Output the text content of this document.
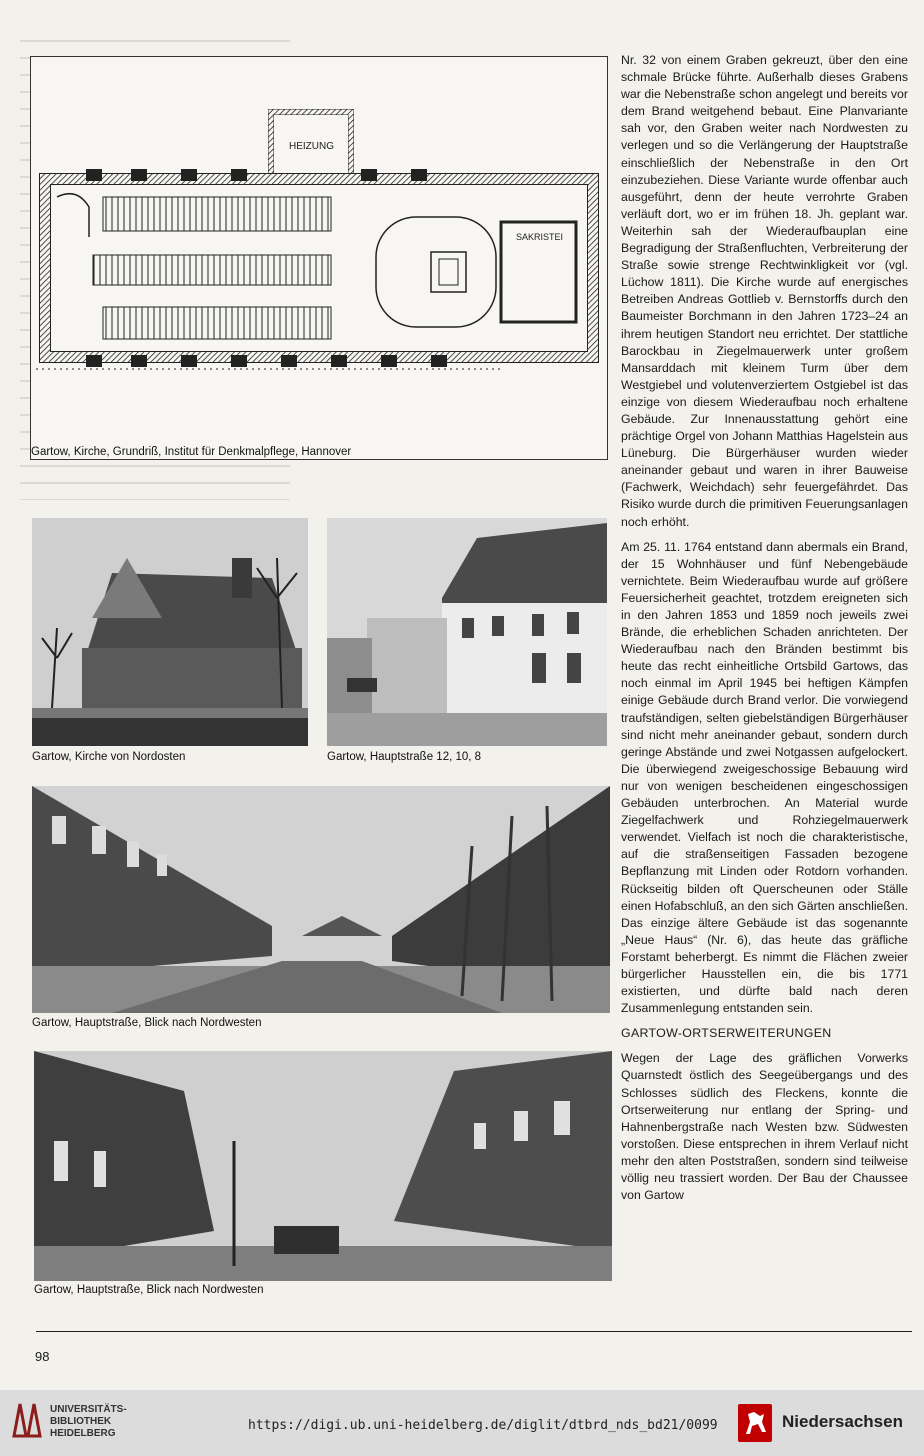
HEIZUNG
SAKRISTEI
Gartow, Kirche, Grundriß, Institut für Denkmalpflege, Hannover
Gartow, Kirche von Nordosten	Gartow, Hauptstraße 12, 10, 8
Gartow, Hauptstraße, Blick nach Nordwesten
Gartow, Hauptstraße, Blick nach Nordwesten

Nr. 32 von einem Graben gekreuzt, über den eine schmale Brücke führte. Außerhalb dieses Grabens war die Nebenstraße schon angelegt und bereits vor dem Brand weitgehend bebaut. Eine Planvariante sah vor, den Graben weiter nach Nordwesten zu verlegen und so die Verlängerung der Hauptstraße einschließlich der Nebenstraße in den Ort einzubeziehen. Diese Variante wurde offenbar auch ausgeführt, denn der heute verrohrte Graben verläuft dort, wo er im frühen 18. Jh. geplant war. Weiterhin sah der Wiederaufbauplan eine Begradigung der Straßenfluchten, Verbreiterung der Straße sowie strenge Rechtwinkligkeit vor (vgl. Lüchow 1811). Die Kirche wurde auf energisches Betreiben Andreas Gottlieb v. Bernstorffs durch den Baumeister Borchmann in den Jahren 1723–24 an ihrem heutigen Standort neu errichtet. Der stattliche Barockbau in Ziegelmauerwerk unter großem Mansarddach mit kleinem Turm über dem Westgiebel und volutenverziertem Ostgiebel ist das einzige von diesem Wiederaufbau noch erhaltene Gebäude. Zur Innenausstattung gehört eine prächtige Orgel von Johann Matthias Hagelstein aus Lüneburg. Die Bürgerhäuser wurden wieder aneinander gebaut und waren in ihrer Bauweise (Fachwerk, Weichdach) sehr feuergefährdet. Das Risiko wurde durch die primitiven Feuerungsanlagen noch erhöht.

Am 25. 11. 1764 entstand dann abermals ein Brand, der 15 Wohnhäuser und fünf Nebengebäude vernichtete. Beim Wiederaufbau wurde auf größere Feuersicherheit geachtet, trotzdem ereigneten sich in den Jahren 1853 und 1859 noch jeweils zwei Brände, die erheblichen Schaden anrichteten. Der Wiederaufbau nach den Bränden bestimmt bis heute das recht einheitliche Ortsbild Gartows, das noch einmal im April 1945 bei heftigen Kämpfen einige Gebäude durch Brand verlor. Die vorwiegend traufständigen, selten giebelständigen Bürgerhäuser sind nicht mehr aneinander gebaut, sondern durch geringe Abstände und zwei Notgassen aufgelockert. Die überwiegend zweigeschossige Bebauung wird nur von wenigen bescheidenen eingeschossigen Gebäuden unterbrochen. An Material wurde Ziegelfachwerk und Rohziegelmauerwerk verwendet. Vielfach ist noch die charakteristische, auf die straßenseitigen Fassaden bezogene Bepflanzung mit Linden oder Rotdorn vorhanden. Rückseitig bilden oft Querscheunen oder Ställe einen Hofabschluß, an den sich Gärten anschließen. Das einzige ältere Gebäude ist das sogenannte „Neue Haus“ (Nr. 6), das heute das gräfliche Forstamt beherbergt. Es nimmt die Flächen zweier bürgerlicher Hausstellen ein, die bis 1771 existierten, und dürfte bald nach deren Zusammenlegung entstanden sein.

GARTOW-ORTSERWEITERUNGEN

Wegen der Lage des gräflichen Vorwerks Quarnstedt östlich des Seegeübergangs und des Schlosses südlich des Fleckens, konnte die Ortserweiterung nur entlang der Spring- und Hahnenbergstraße nach Westen bzw. Südwesten vorstoßen. Diese entsprechen in ihrem Verlauf nicht mehr den alten Poststraßen, sondern sind teilweise völlig neu trassiert worden. Der Bau der Chaussee von Gartow

98
UNIVERSITÄTS-
BIBLIOTHEK
HEIDELBERG
https://digi.ub.uni-heidelberg.de/diglit/dtbrd_nds_bd21/0099	Niedersachsen
